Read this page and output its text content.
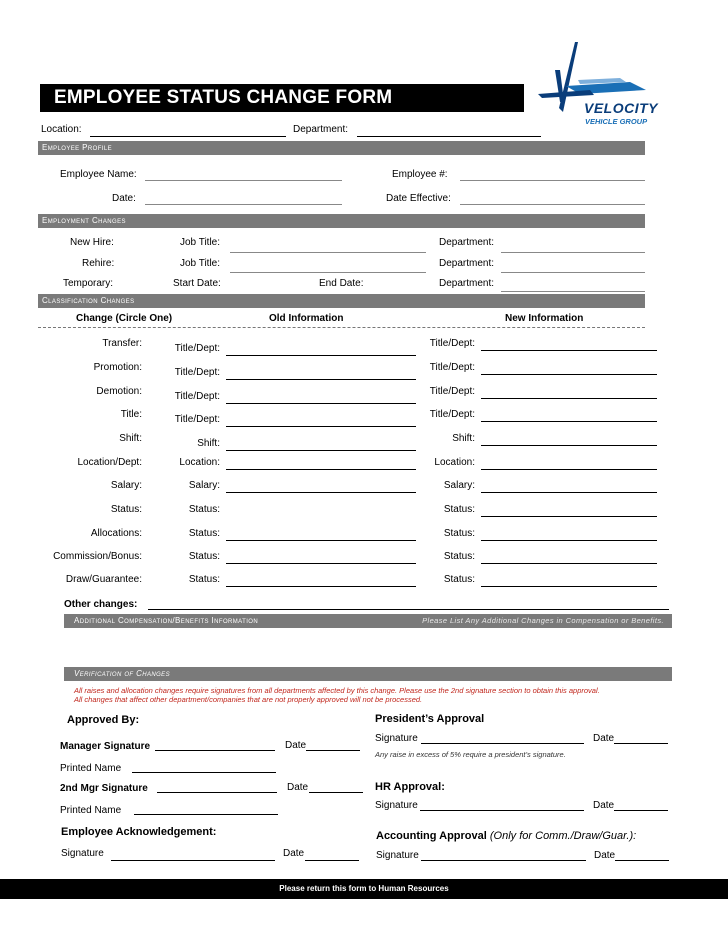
EMPLOYEE STATUS CHANGE FORM	VELOCITY
VEHICLE GROUP
Location:	Department:
Employee Profile
Employee Name:	Employee #:
Date:	Date Effective:
Employment Changes
New Hire:	Job Title:	Department:
Rehire:	Job Title:	Department:
Temporary:	Start Date:	End Date:	Department:
Classification Changes
Change (Circle One)	Old Information	New Information
Transfer:	Title/Dept:	Title/Dept:
Promotion:	Title/Dept:	Title/Dept:
Demotion:	Title/Dept:	Title/Dept:
Title:	Title/Dept:	Title/Dept:
Shift:	Shift:	Shift:
Location/Dept:	Location:	Location:
Salary:	Salary:	Salary:
Status:	Status:	Status:
Allocations:	Status:	Status:
Commission/Bonus:	Status:	Status:
Draw/Guarantee:	Status:	Status:
Other changes:
Additional Compensation/Benefits Information	Please List Any Additional Changes in Compensation or Benefits.
Verification of Changes
All raises and allocation changes require signatures from all departments affected by this change. Please use the 2nd signature section to obtain this approval.
All changes that affect other department/companies that are not properly approved will not be processed.
Approved By:
Manager Signature	Date
Printed Name
2nd Mgr Signature	Date
Printed Name
Employee Acknowledgement:
Signature	Date
President’s Approval
Signature	Date
Any raise in excess of 5% require a president’s signature.
HR Approval:
Signature	Date
Accounting Approval (Only for Comm./Draw/Guar.):
Signature	Date
Please return this form to Human Resources
